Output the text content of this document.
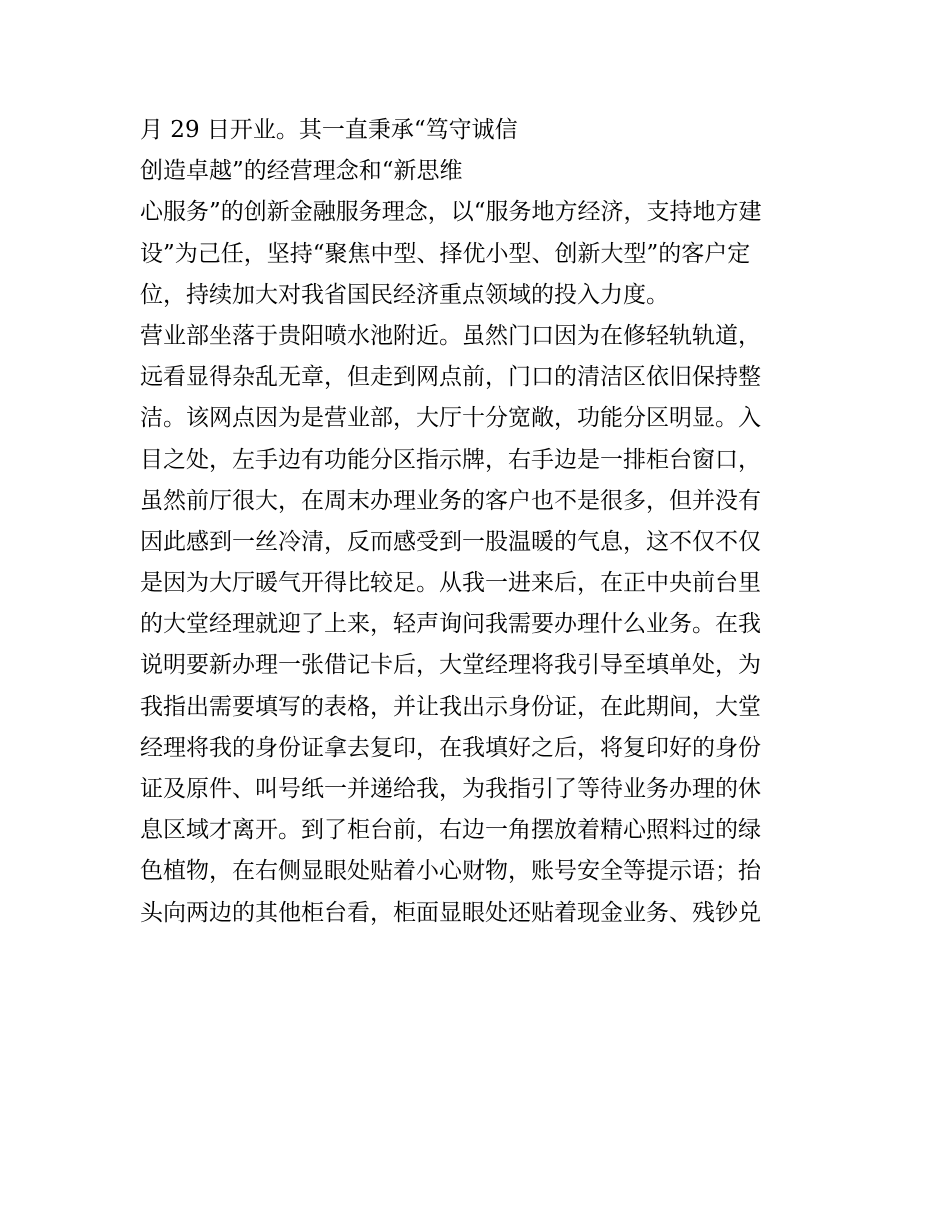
月 29 日开业。其一直秉承“笃守诚信
创造卓越”的经营理念和“新思维
心服务”的创新金融服务理念，以“服务地方经济，支持地方建
设”为己任，坚持“聚焦中型、择优小型、创新大型”的客户定
位，持续加大对我省国民经济重点领域的投入力度。
营业部坐落于贵阳喷水池附近。虽然门口因为在修轻轨轨道，
远看显得杂乱无章，但走到网点前，门口的清洁区依旧保持整
洁。该网点因为是营业部，大厅十分宽敞，功能分区明显。入
目之处，左手边有功能分区指示牌，右手边是一排柜台窗口，
虽然前厅很大，在周末办理业务的客户也不是很多，但并没有
因此感到一丝冷清，反而感受到一股温暖的气息，这不仅不仅
是因为大厅暖气开得比较足。从我一进来后，在正中央前台里
的大堂经理就迎了上来，轻声询问我需要办理什么业务。在我
说明要新办理一张借记卡后，大堂经理将我引导至填单处，为
我指出需要填写的表格，并让我出示身份证，在此期间，大堂
经理将我的身份证拿去复印，在我填好之后，将复印好的身份
证及原件、叫号纸一并递给我，为我指引了等待业务办理的休
息区域才离开。到了柜台前，右边一角摆放着精心照料过的绿
色植物，在右侧显眼处贴着小心财物，账号安全等提示语；抬
头向两边的其他柜台看，柜面显眼处还贴着现金业务、残钞兑
